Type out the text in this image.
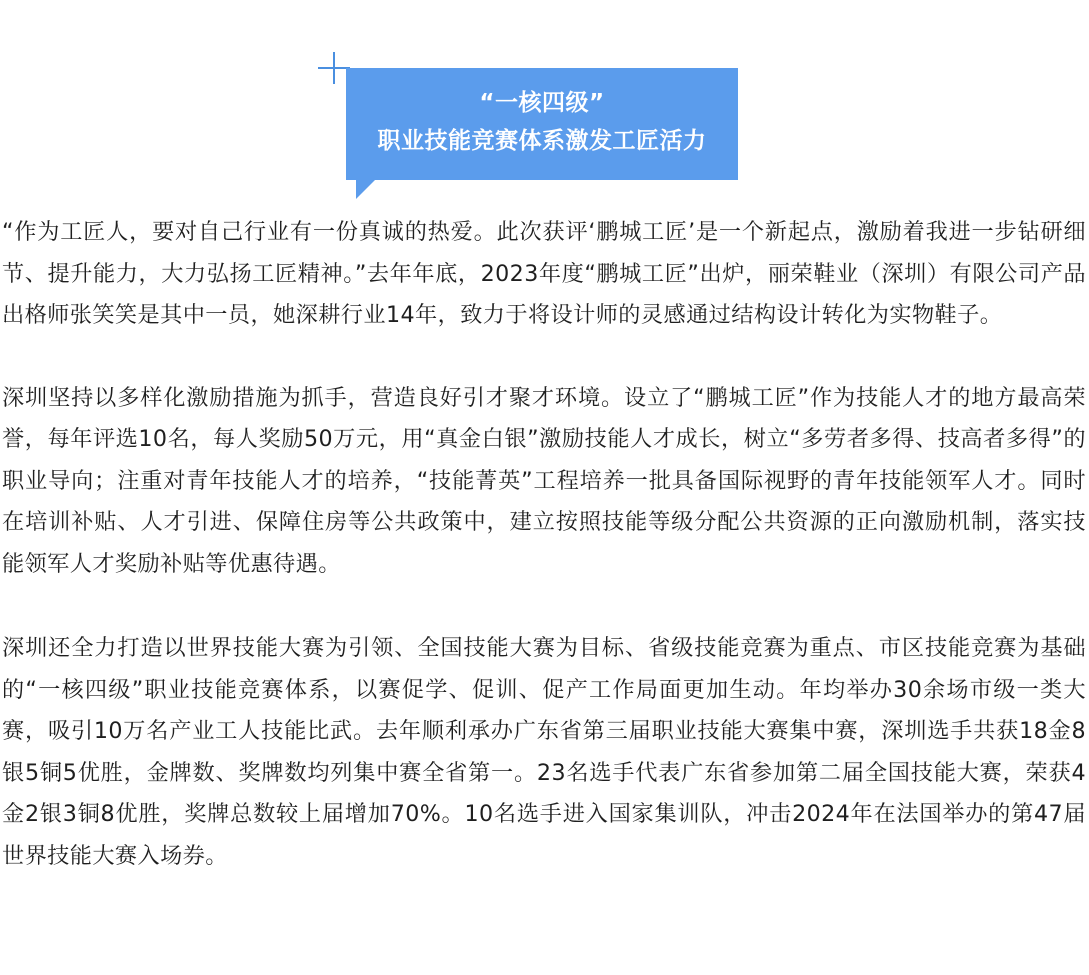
“一核四级”
职业技能竞赛体系激发工匠活力

“作为工匠人，要对自己行业有一份真诚的热爱。此次获评‘鹏城工匠’是一个新起点，激励着我进一步钻研细节、提升能力，大力弘扬工匠精神。”去年年底，2023年度“鹏城工匠”出炉，丽荣鞋业（深圳）有限公司产品出格师张笑笑是其中一员，她深耕行业14年，致力于将设计师的灵感通过结构设计转化为实物鞋子。

深圳坚持以多样化激励措施为抓手，营造良好引才聚才环境。设立了“鹏城工匠”作为技能人才的地方最高荣誉，每年评选10名，每人奖励50万元，用“真金白银”激励技能人才成长，树立“多劳者多得、技高者多得”的职业导向；注重对青年技能人才的培养，“技能菁英”工程培养一批具备国际视野的青年技能领军人才。同时在培训补贴、人才引进、保障住房等公共政策中，建立按照技能等级分配公共资源的正向激励机制，落实技能领军人才奖励补贴等优惠待遇。

深圳还全力打造以世界技能大赛为引领、全国技能大赛为目标、省级技能竞赛为重点、市区技能竞赛为基础的“一核四级”职业技能竞赛体系，以赛促学、促训、促产工作局面更加生动。年均举办30余场市级一类大赛，吸引10万名产业工人技能比武。去年顺利承办广东省第三届职业技能大赛集中赛，深圳选手共获18金8银5铜5优胜，金牌数、奖牌数均列集中赛全省第一。23名选手代表广东省参加第二届全国技能大赛，荣获4金2银3铜8优胜，奖牌总数较上届增加70%。10名选手进入国家集训队，冲击2024年在法国举办的第47届世界技能大赛入场券。
